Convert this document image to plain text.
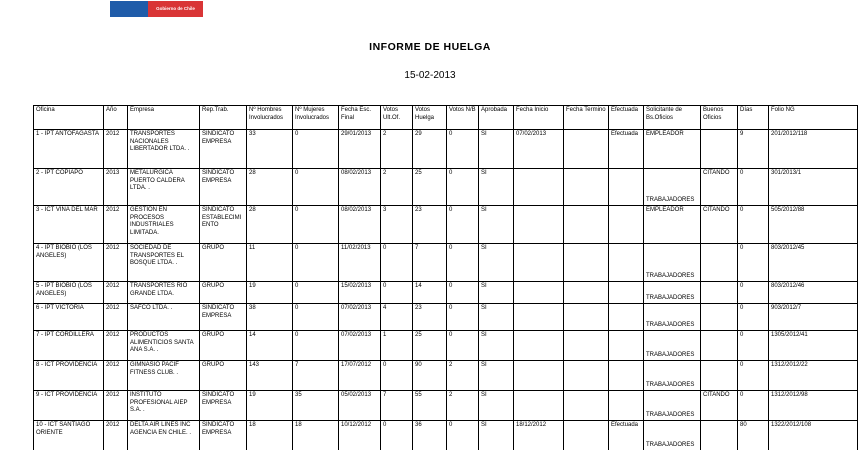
Gobierno de Chile
INFORME DE HUELGA
15-02-2013
Oficina	Año	Empresa	Rep.Trab.	Nº Hombres Involucrados	Nº Mujeres Involucrados	Fecha Esc. Final	Votos Ult.Of.	Votos Huelga	Votos N/B	Aprobada	Fecha Inicio	Fecha Termino	Efectuada	Solicitante de Bs.Oficios	Buenos Oficios	Días	Folio NG
1 - IPT ANTOFAGASTA	2012	TRANSPORTES NACIONALES LIBERTADOR LTDA. .	SINDICATO EMPRESA	33	0	29/01/2013	2	29	0	SI	07/02/2013		Efectuada	EMPLEADOR		9	201/2012/118
2 - IPT COPIAPO	2013	METALURGICA PUERTO CALDERA LTDA. .	SINDICATO EMPRESA	28	0	08/02/2013	2	25	0	SI				TRABAJADORES	CITANDO	0	301/2013/1
3 - ICT VIÑA DEL MAR	2012	GESTION EN PROCESOS INDUSTRIALES LIMITADA.	SINDICATO ESTABLECIMIENTO	28	0	08/02/2013	3	23	0	SI				EMPLEADOR	CITANDO	0	505/2012/88
4 - IPT BIOBIO (LOS ANGELES)	2012	SOCIEDAD DE TRANSPORTES EL BOSQUE LTDA. .	GRUPO	11	0	11/02/2013	0	7	0	SI				TRABAJADORES		0	803/2012/45
5 - IPT BIOBIO (LOS ANGELES)	2012	TRANSPORTES RIO GRANDE LTDA.	GRUPO	19	0	15/02/2013	0	14	0	SI				TRABAJADORES		0	803/2012/46
6 - IPT VICTORIA	2012	SAFCO LTDA. .	SINDICATO EMPRESA	38	0	07/02/2013	4	23	0	SI				TRABAJADORES		0	903/2012/7
7 - IPT CORDILLERA	2012	PRODUCTOS ALIMENTICIOS SANTA ANA S.A. .	GRUPO	14	0	07/02/2013	1	25	0	SI				TRABAJADORES		0	1305/2012/41
8 - ICT PROVIDENCIA	2012	GIMNASIO PACIF FITNESS CLUB. .	GRUPO	143	7	17/07/2012	0	90	2	SI				TRABAJADORES		0	1312/2012/22
9 - ICT PROVIDENCIA	2012	INSTITUTO PROFESIONAL AIEP S.A. .	SINDICATO EMPRESA	19	35	05/02/2013	7	55	2	SI				TRABAJADORES	CITANDO	0	1312/2012/98
10 - ICT SANTIAGO ORIENTE	2012	DELTA AIR LINES INC AGENCIA EN CHILE. .	SINDICATO EMPRESA	18	18	10/12/2012	0	36	0	SI	18/12/2012		Efectuada	TRABAJADORES		80	1322/2012/108
